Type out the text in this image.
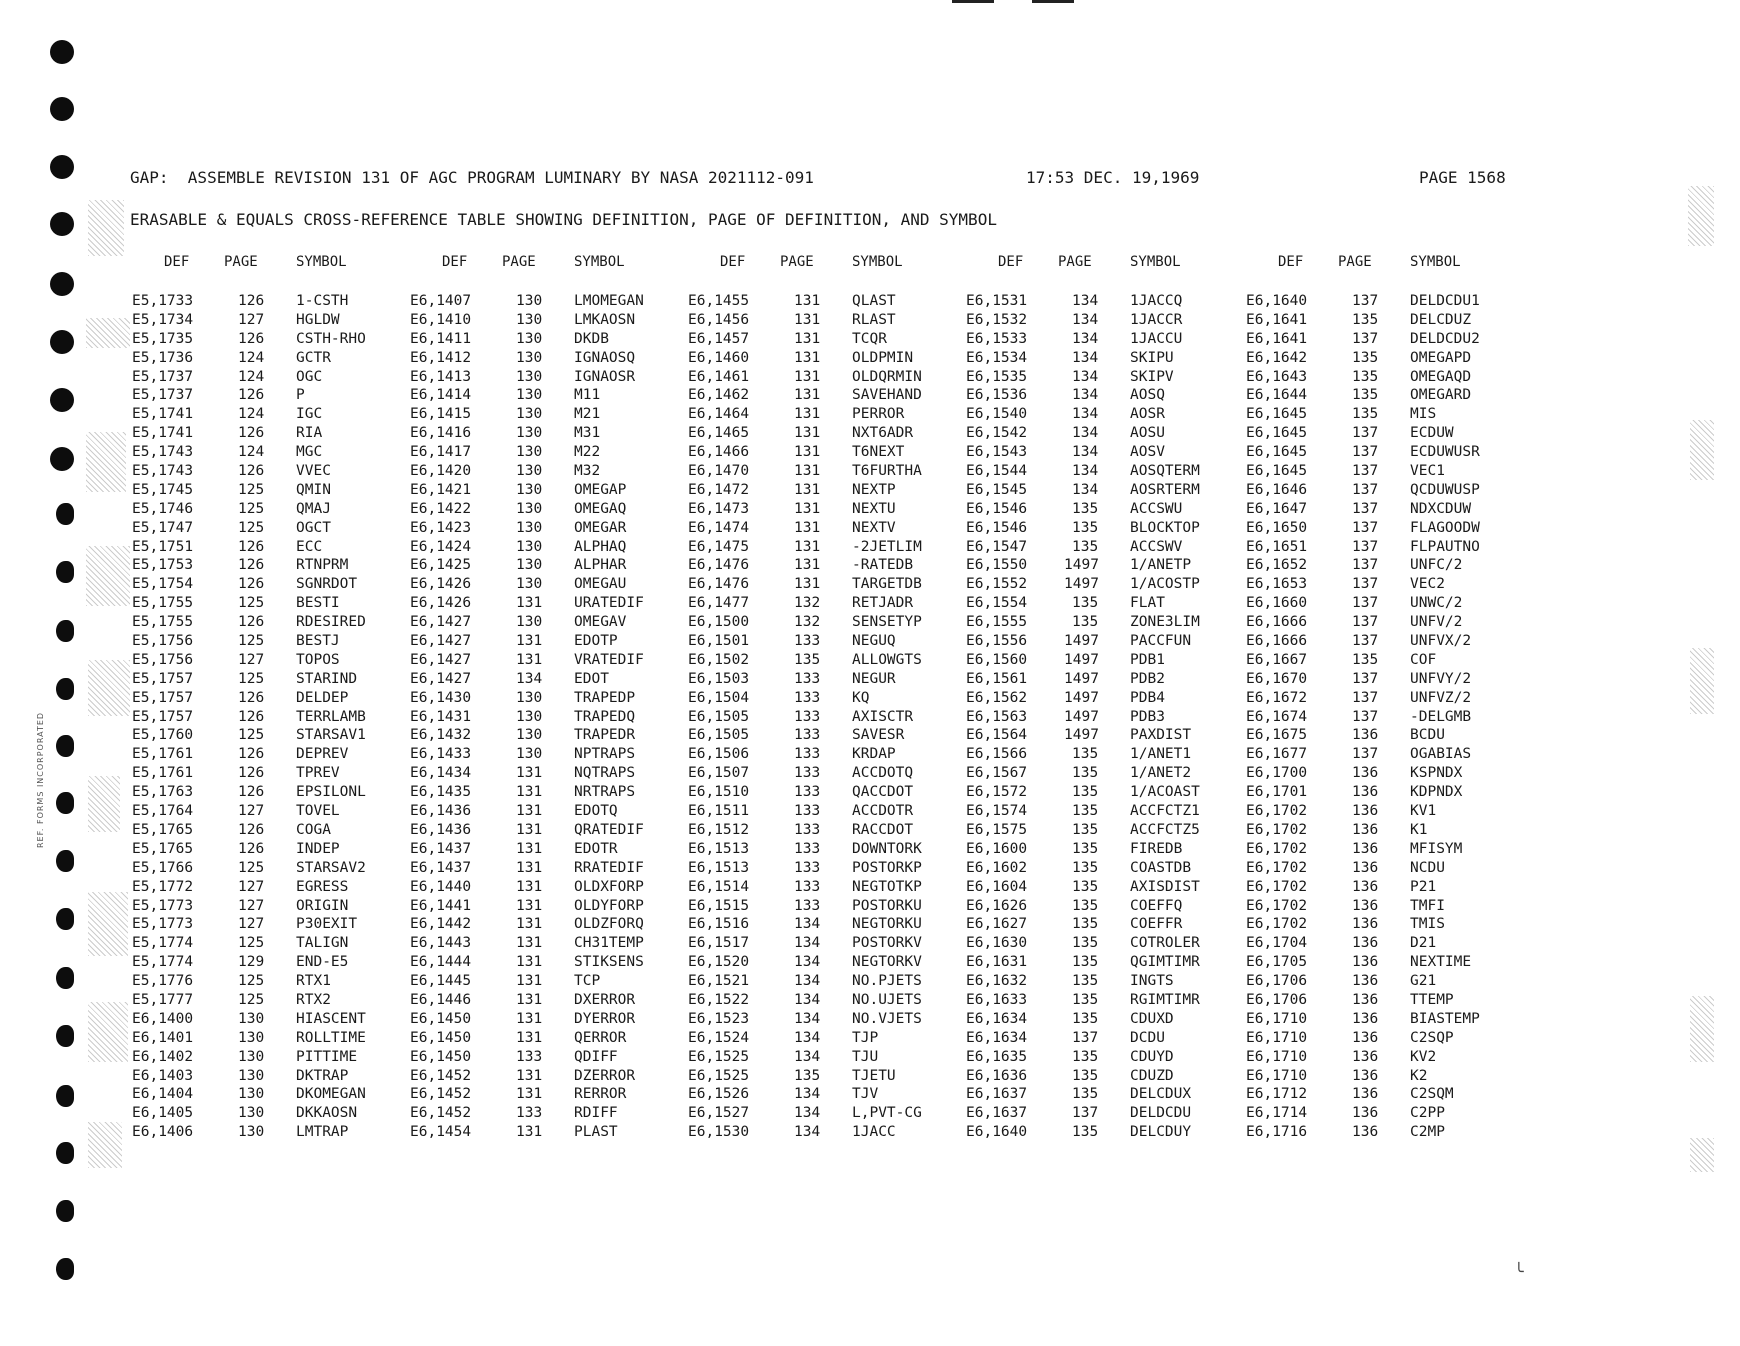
REF. FORMS INCORPORATED
╰

GAP:  ASSEMBLE REVISION 131 OF AGC PROGRAM LUMINARY BY NASA 2021112-091

	17:53 DEC. 19,1969

	PAGE 1568

ERASABLE & EQUALS CROSS-REFERENCE TABLE SHOWING DEFINITION, PAGE OF DEFINITION, AND SYMBOL
DEF PAGE	SYMBOL	DEF PAGE	SYMBOL	DEF PAGE	SYMBOL	DEF PAGE	SYMBOL	DEF PAGE	SYMBOL
E5,1733	126 1-CSTH	E6,1407	130 LMOMEGAN	E6,1455	131 QLAST	E6,1531	134 1JACCQ	E6,1640	137 DELDCDU1
E5,1734	127 HGLDW	E6,1410	130 LMKAOSN	E6,1456	131 RLAST	E6,1532	134 1JACCR	E6,1641	135 DELCDUZ
E5,1735	126 CSTH-RHO	E6,1411	130 DKDB	E6,1457	131 TCQR	E6,1533	134 1JACCU	E6,1641	137 DELDCDU2
E5,1736	124 GCTR	E6,1412	130 IGNAOSQ	E6,1460	131 OLDPMIN	E6,1534	134 SKIPU	E6,1642	135 OMEGAPD
E5,1737	124 OGC	E6,1413	130 IGNAOSR	E6,1461	131 OLDQRMIN	E6,1535	134 SKIPV	E6,1643	135 OMEGAQD
E5,1737	126 P	E6,1414	130 M11	E6,1462	131 SAVEHAND	E6,1536	134 AOSQ	E6,1644	135 OMEGARD
E5,1741	124 IGC	E6,1415	130 M21	E6,1464	131 PERROR	E6,1540	134 AOSR	E6,1645	135 MIS
E5,1741	126 RIA	E6,1416	130 M31	E6,1465	131 NXT6ADR	E6,1542	134 AOSU	E6,1645	137 ECDUW
E5,1743	124 MGC	E6,1417	130 M22	E6,1466	131 T6NEXT	E6,1543	134 AOSV	E6,1645	137 ECDUWUSR
E5,1743	126 VVEC	E6,1420	130 M32	E6,1470	131 T6FURTHA	E6,1544	134 AOSQTERM	E6,1645	137 VEC1
E5,1745	125 QMIN	E6,1421	130 OMEGAP	E6,1472	131 NEXTP	E6,1545	134 AOSRTERM	E6,1646	137 QCDUWUSP
E5,1746	125 QMAJ	E6,1422	130 OMEGAQ	E6,1473	131 NEXTU	E6,1546	135 ACCSWU	E6,1647	137 NDXCDUW
E5,1747	125 OGCT	E6,1423	130 OMEGAR	E6,1474	131 NEXTV	E6,1546	135 BLOCKTOP	E6,1650	137 FLAGOODW
E5,1751	126 ECC	E6,1424	130 ALPHAQ	E6,1475	131 -2JETLIM	E6,1547	135 ACCSWV	E6,1651	137 FLPAUTNO
E5,1753	126 RTNPRM	E6,1425	130 ALPHAR	E6,1476	131 -RATEDB	E6,1550	1497 1/ANETP	E6,1652	137 UNFC/2
E5,1754	126 SGNRDOT	E6,1426	130 OMEGAU	E6,1476	131 TARGETDB	E6,1552	1497 1/ACOSTP	E6,1653	137 VEC2
E5,1755	125 BESTI	E6,1426	131 URATEDIF	E6,1477	132 RETJADR	E6,1554	135 FLAT	E6,1660	137 UNWC/2
E5,1755	126 RDESIRED	E6,1427	130 OMEGAV	E6,1500	132 SENSETYP	E6,1555	135 ZONE3LIM	E6,1666	137 UNFV/2
E5,1756	125 BESTJ	E6,1427	131 EDOTP	E6,1501	133 NEGUQ	E6,1556	1497 PACCFUN	E6,1666	137 UNFVX/2
E5,1756	127 TOPOS	E6,1427	131 VRATEDIF	E6,1502	135 ALLOWGTS	E6,1560	1497 PDB1	E6,1667	135 COF
E5,1757	125 STARIND	E6,1427	134 EDOT	E6,1503	133 NEGUR	E6,1561	1497 PDB2	E6,1670	137 UNFVY/2
E5,1757	126 DELDEP	E6,1430	130 TRAPEDP	E6,1504	133 KQ	E6,1562	1497 PDB4	E6,1672	137 UNFVZ/2
E5,1757	126 TERRLAMB	E6,1431	130 TRAPEDQ	E6,1505	133 AXISCTR	E6,1563	1497 PDB3	E6,1674	137 -DELGMB
E5,1760	125 STARSAV1	E6,1432	130 TRAPEDR	E6,1505	133 SAVESR	E6,1564	1497 PAXDIST	E6,1675	136 BCDU
E5,1761	126 DEPREV	E6,1433	130 NPTRAPS	E6,1506	133 KRDAP	E6,1566	135 1/ANET1	E6,1677	137 OGABIAS
E5,1761	126 TPREV	E6,1434	131 NQTRAPS	E6,1507	133 ACCDOTQ	E6,1567	135 1/ANET2	E6,1700	136 KSPNDX
E5,1763	126 EPSILONL	E6,1435	131 NRTRAPS	E6,1510	133 QACCDOT	E6,1572	135 1/ACOAST	E6,1701	136 KDPNDX
E5,1764	127 TOVEL	E6,1436	131 EDOTQ	E6,1511	133 ACCDOTR	E6,1574	135 ACCFCTZ1	E6,1702	136 KV1
E5,1765	126 COGA	E6,1436	131 QRATEDIF	E6,1512	133 RACCDOT	E6,1575	135 ACCFCTZ5	E6,1702	136 K1
E5,1765	126 INDEP	E6,1437	131 EDOTR	E6,1513	133 DOWNTORK	E6,1600	135 FIREDB	E6,1702	136 MFISYM
E5,1766	125 STARSAV2	E6,1437	131 RRATEDIF	E6,1513	133 POSTORKP	E6,1602	135 COASTDB	E6,1702	136 NCDU
E5,1772	127 EGRESS	E6,1440	131 OLDXFORP	E6,1514	133 NEGTOTKP	E6,1604	135 AXISDIST	E6,1702	136 P21
E5,1773	127 ORIGIN	E6,1441	131 OLDYFORP	E6,1515	133 POSTORKU	E6,1626	135 COEFFQ	E6,1702	136 TMFI
E5,1773	127 P30EXIT	E6,1442	131 OLDZFORQ	E6,1516	134 NEGTORKU	E6,1627	135 COEFFR	E6,1702	136 TMIS
E5,1774	125 TALIGN	E6,1443	131 CH31TEMP	E6,1517	134 POSTORKV	E6,1630	135 COTROLER	E6,1704	136 D21
E5,1774	129 END-E5	E6,1444	131 STIKSENS	E6,1520	134 NEGTORKV	E6,1631	135 QGIMTIMR	E6,1705	136 NEXTIME
E5,1776	125 RTX1	E6,1445	131 TCP	E6,1521	134 NO.PJETS	E6,1632	135 INGTS	E6,1706	136 G21
E5,1777	125 RTX2	E6,1446	131 DXERROR	E6,1522	134 NO.UJETS	E6,1633	135 RGIMTIMR	E6,1706	136 TTEMP
E6,1400	130 HIASCENT	E6,1450	131 DYERROR	E6,1523	134 NO.VJETS	E6,1634	135 CDUXD	E6,1710	136 BIASTEMP
E6,1401	130 ROLLTIME	E6,1450	131 QERROR	E6,1524	134 TJP	E6,1634	137 DCDU	E6,1710	136 C2SQP
E6,1402	130 PITTIME	E6,1450	133 QDIFF	E6,1525	134 TJU	E6,1635	135 CDUYD	E6,1710	136 KV2
E6,1403	130 DKTRAP	E6,1452	131 DZERROR	E6,1525	135 TJETU	E6,1636	135 CDUZD	E6,1710	136 K2
E6,1404	130 DKOMEGAN	E6,1452	131 RERROR	E6,1526	134 TJV	E6,1637	135 DELCDUX	E6,1712	136 C2SQM
E6,1405	130 DKKAOSN	E6,1452	133 RDIFF	E6,1527	134 L,PVT-CG	E6,1637	137 DELDCDU	E6,1714	136 C2PP
E6,1406	130 LMTRAP	E6,1454	131 PLAST	E6,1530	134 1JACC	E6,1640	135 DELCDUY	E6,1716	136 C2MP
